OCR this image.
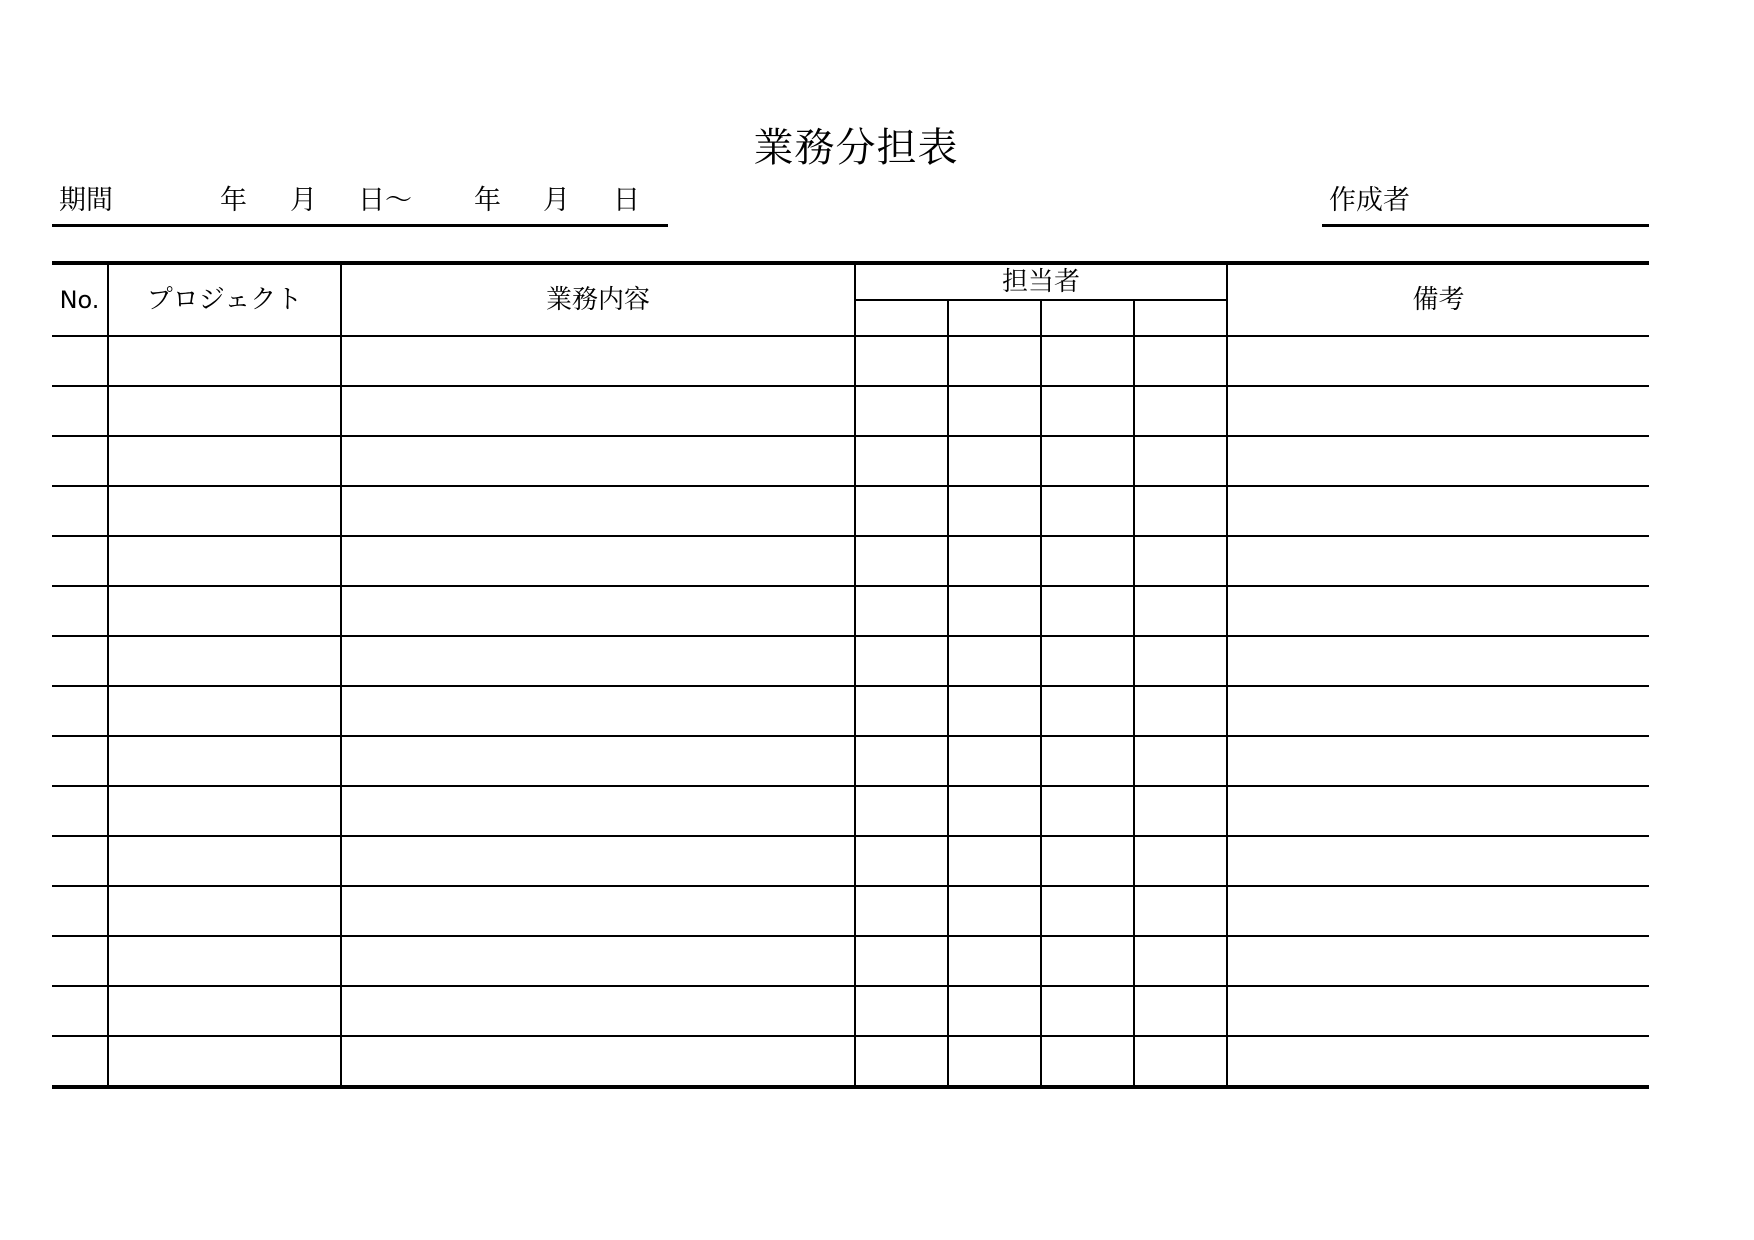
業務分担表
期間	年 月 日～ 年 月 日	作成者
No.	プロジェクト	業務内容	担当者				備考
